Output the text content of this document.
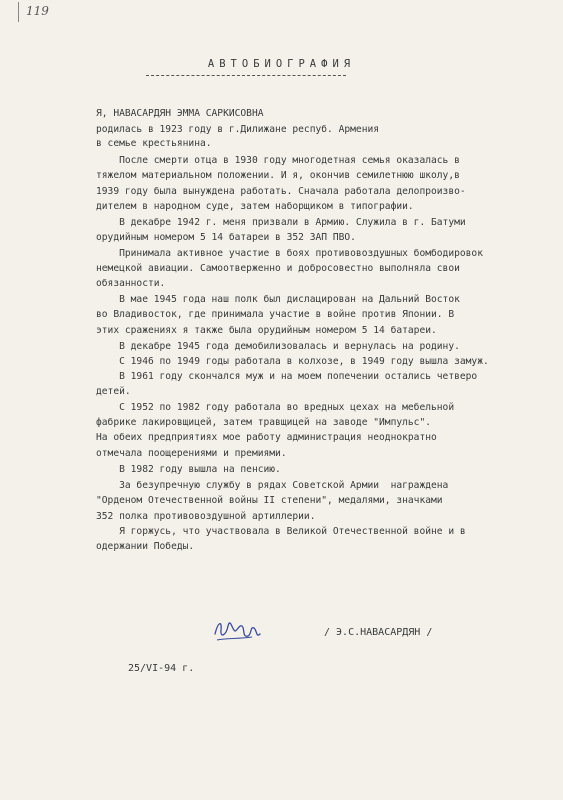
119
АВТОБИОГРАФИЯ
Я, НАВАСАРДЯН ЭММА САРКИСОВНА
родилась в 1923 году в г.Дилижане респуб. Армения
в семье крестьянина.
После смерти отца в 1930 году многодетная семья оказалась в
тяжелом материальном положении. И я, окончив семилетнюю школу,в
1939 году была вынуждена работать. Сначала работала делопроизво-
дителем в народном суде, затем наборщиком в типографии.
В декабре 1942 г. меня призвали в Армию. Служила в г. Батуми
орудийным номером 5 14 батареи в 352 ЗАП ПВО.
Принимала активное участие в боях противовоздушных бомбодировок
немецкой авиации. Самоотверженно и добросовестно выполняла свои
обязанности.
В мае 1945 года наш полк был дислацирован на Дальний Восток
во Владивосток, где принимала участие в войне против Японии. В
этих сражениях я также была орудийным номером 5 14 батареи.
В декабре 1945 года демобилизовалась и вернулась на родину.
С 1946 по 1949 годы работала в колхозе, в 1949 году вышла замуж.
В 1961 году скончался муж и на моем попечении остались четверо
детей.
С 1952 по 1982 году работала во вредных цехах на мебельной
фабрике лакировщицей, затем травщицей на заводе "Импульс".
На обеих предприятиях мое работу администрация неоднократно
отмечала поощерениями и премиями.
В 1982 году вышла на пенсию.
За безупречную службу в рядах Советской Армии  награждена
"Орденом Отечественной войны II степени", медалями, значками
352 полка противовоздушной артиллерии.
Я горжусь, что участвовала в Великой Отечественной войне и в
одержании Победы.
/ Э.С.НАВАСАРДЯН /
25/VI-94 г.
